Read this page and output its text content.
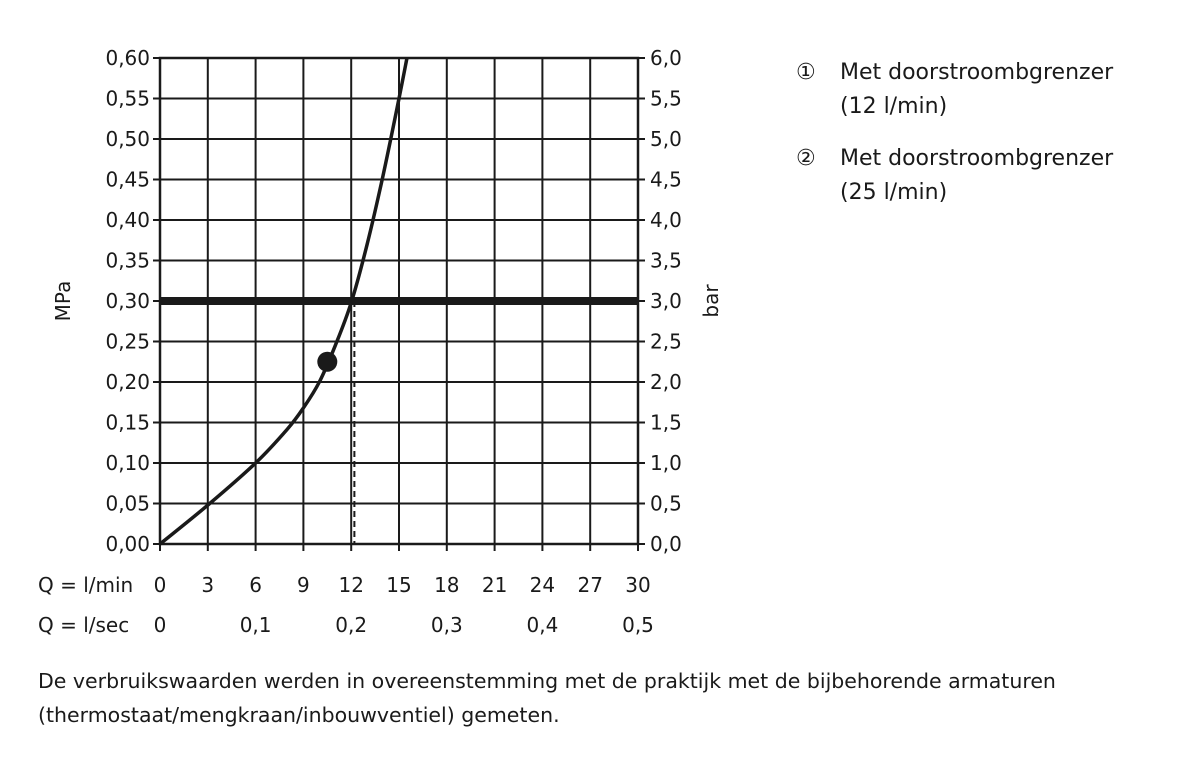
0,00	0,0
0,05	0,5
0,10	1,0
0,15	1,5
0,20	2,0
0,25	2,5
0,30	3,0
0,35	3,5
0,40	4,0
0,45	4,5
0,50	5,0
0,55	5,5
0,60	6,0
0 3 6 9 12 15 18 21 24 27 30
0	0,1	0,2	0,3	0,4	0,5
MPa	bar
Q = l/min
Q = l/sec
①	Met doorstroombgrenzer
(12 l/min)
②	Met doorstroombgrenzer
(25 l/min)
De verbruikswaarden werden in overeenstemming met de praktijk met de bijbehorende armaturen
(thermostaat/mengkraan/inbouwventiel) gemeten.
